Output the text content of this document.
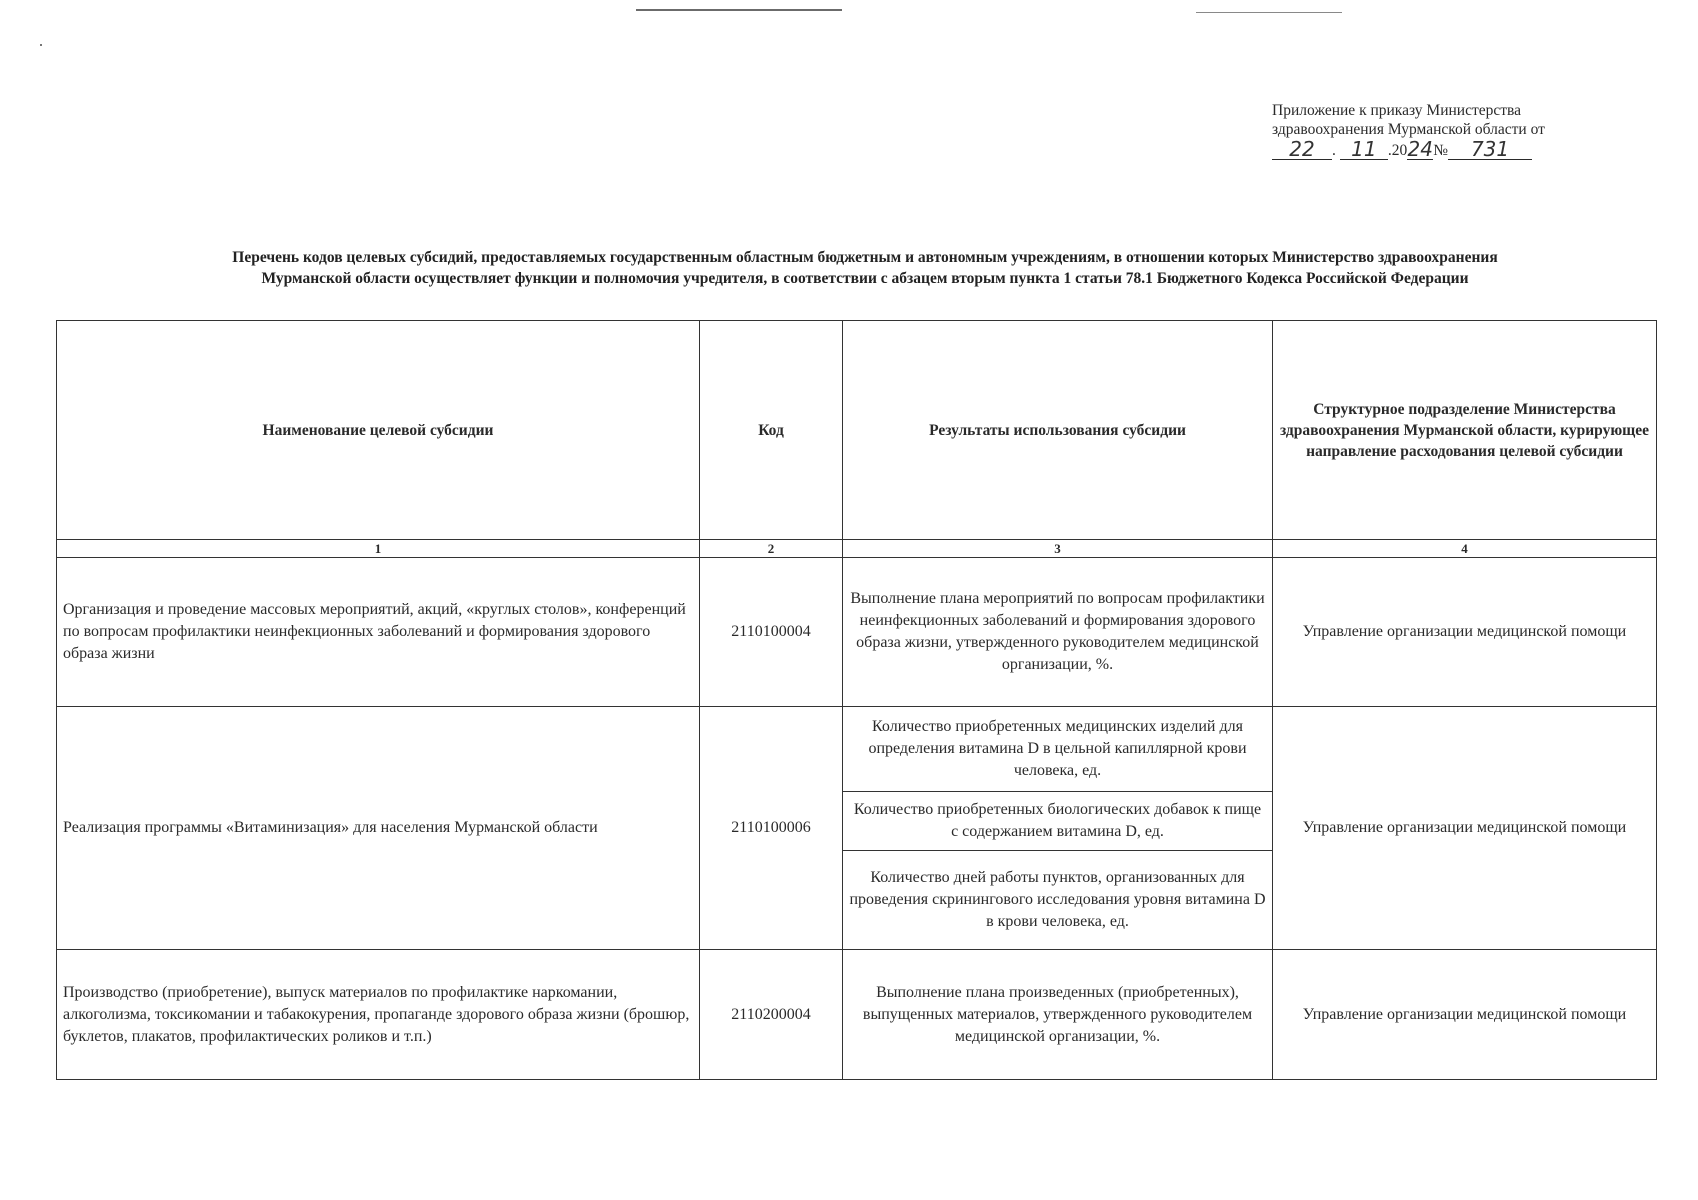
Приложение к приказу Министерства
здравоохранения Мурманской области от
22	. 11 .20 24 №	731
Перечень кодов целевых субсидий, предоставляемых государственным областным бюджетным и автономным учреждениям, в отношении которых Министерство здравоохранения
Мурманской области осуществляет функции и полномочия учредителя, в соответствии с абзацем вторым пункта 1 статьи 78.1 Бюджетного Кодекса Российской Федерации
Наименование целевой субсидии	Код	Результаты использования субсидии	Структурное подразделение Министерства здравоохранения Мурманской области, курирующее направление расходования целевой субсидии
1	2	3	4
Организация и проведение массовых мероприятий, акций, «круглых столов», конференций по вопросам профилактики неинфекционных заболеваний и формирования здорового образа жизни	2110100004	Выполнение плана мероприятий по вопросам профилактики неинфекционных заболеваний и формирования здорового образа жизни, утвержденного руководителем медицинской организации, %.	Управление организации медицинской помощи
Реализация программы «Витаминизация» для населения Мурманской области	2110100006	Количество приобретенных медицинских изделий для определения витамина D в цельной капиллярной крови человека, ед.	Управление организации медицинской помощи
		Количество приобретенных биологических добавок к пище с содержанием витамина D, ед.	
		Количество дней работы пунктов, организованных для проведения скринингового исследования уровня витамина D в крови человека, ед.	
Производство (приобретение), выпуск материалов по профилактике наркомании, алкоголизма, токсикомании и табакокурения, пропаганде здорового образа жизни (брошюр, буклетов, плакатов, профилактических роликов и т.п.)	2110200004	Выполнение плана произведенных (приобретенных), выпущенных материалов, утвержденного руководителем медицинской организации, %.	Управление организации медицинской помощи
